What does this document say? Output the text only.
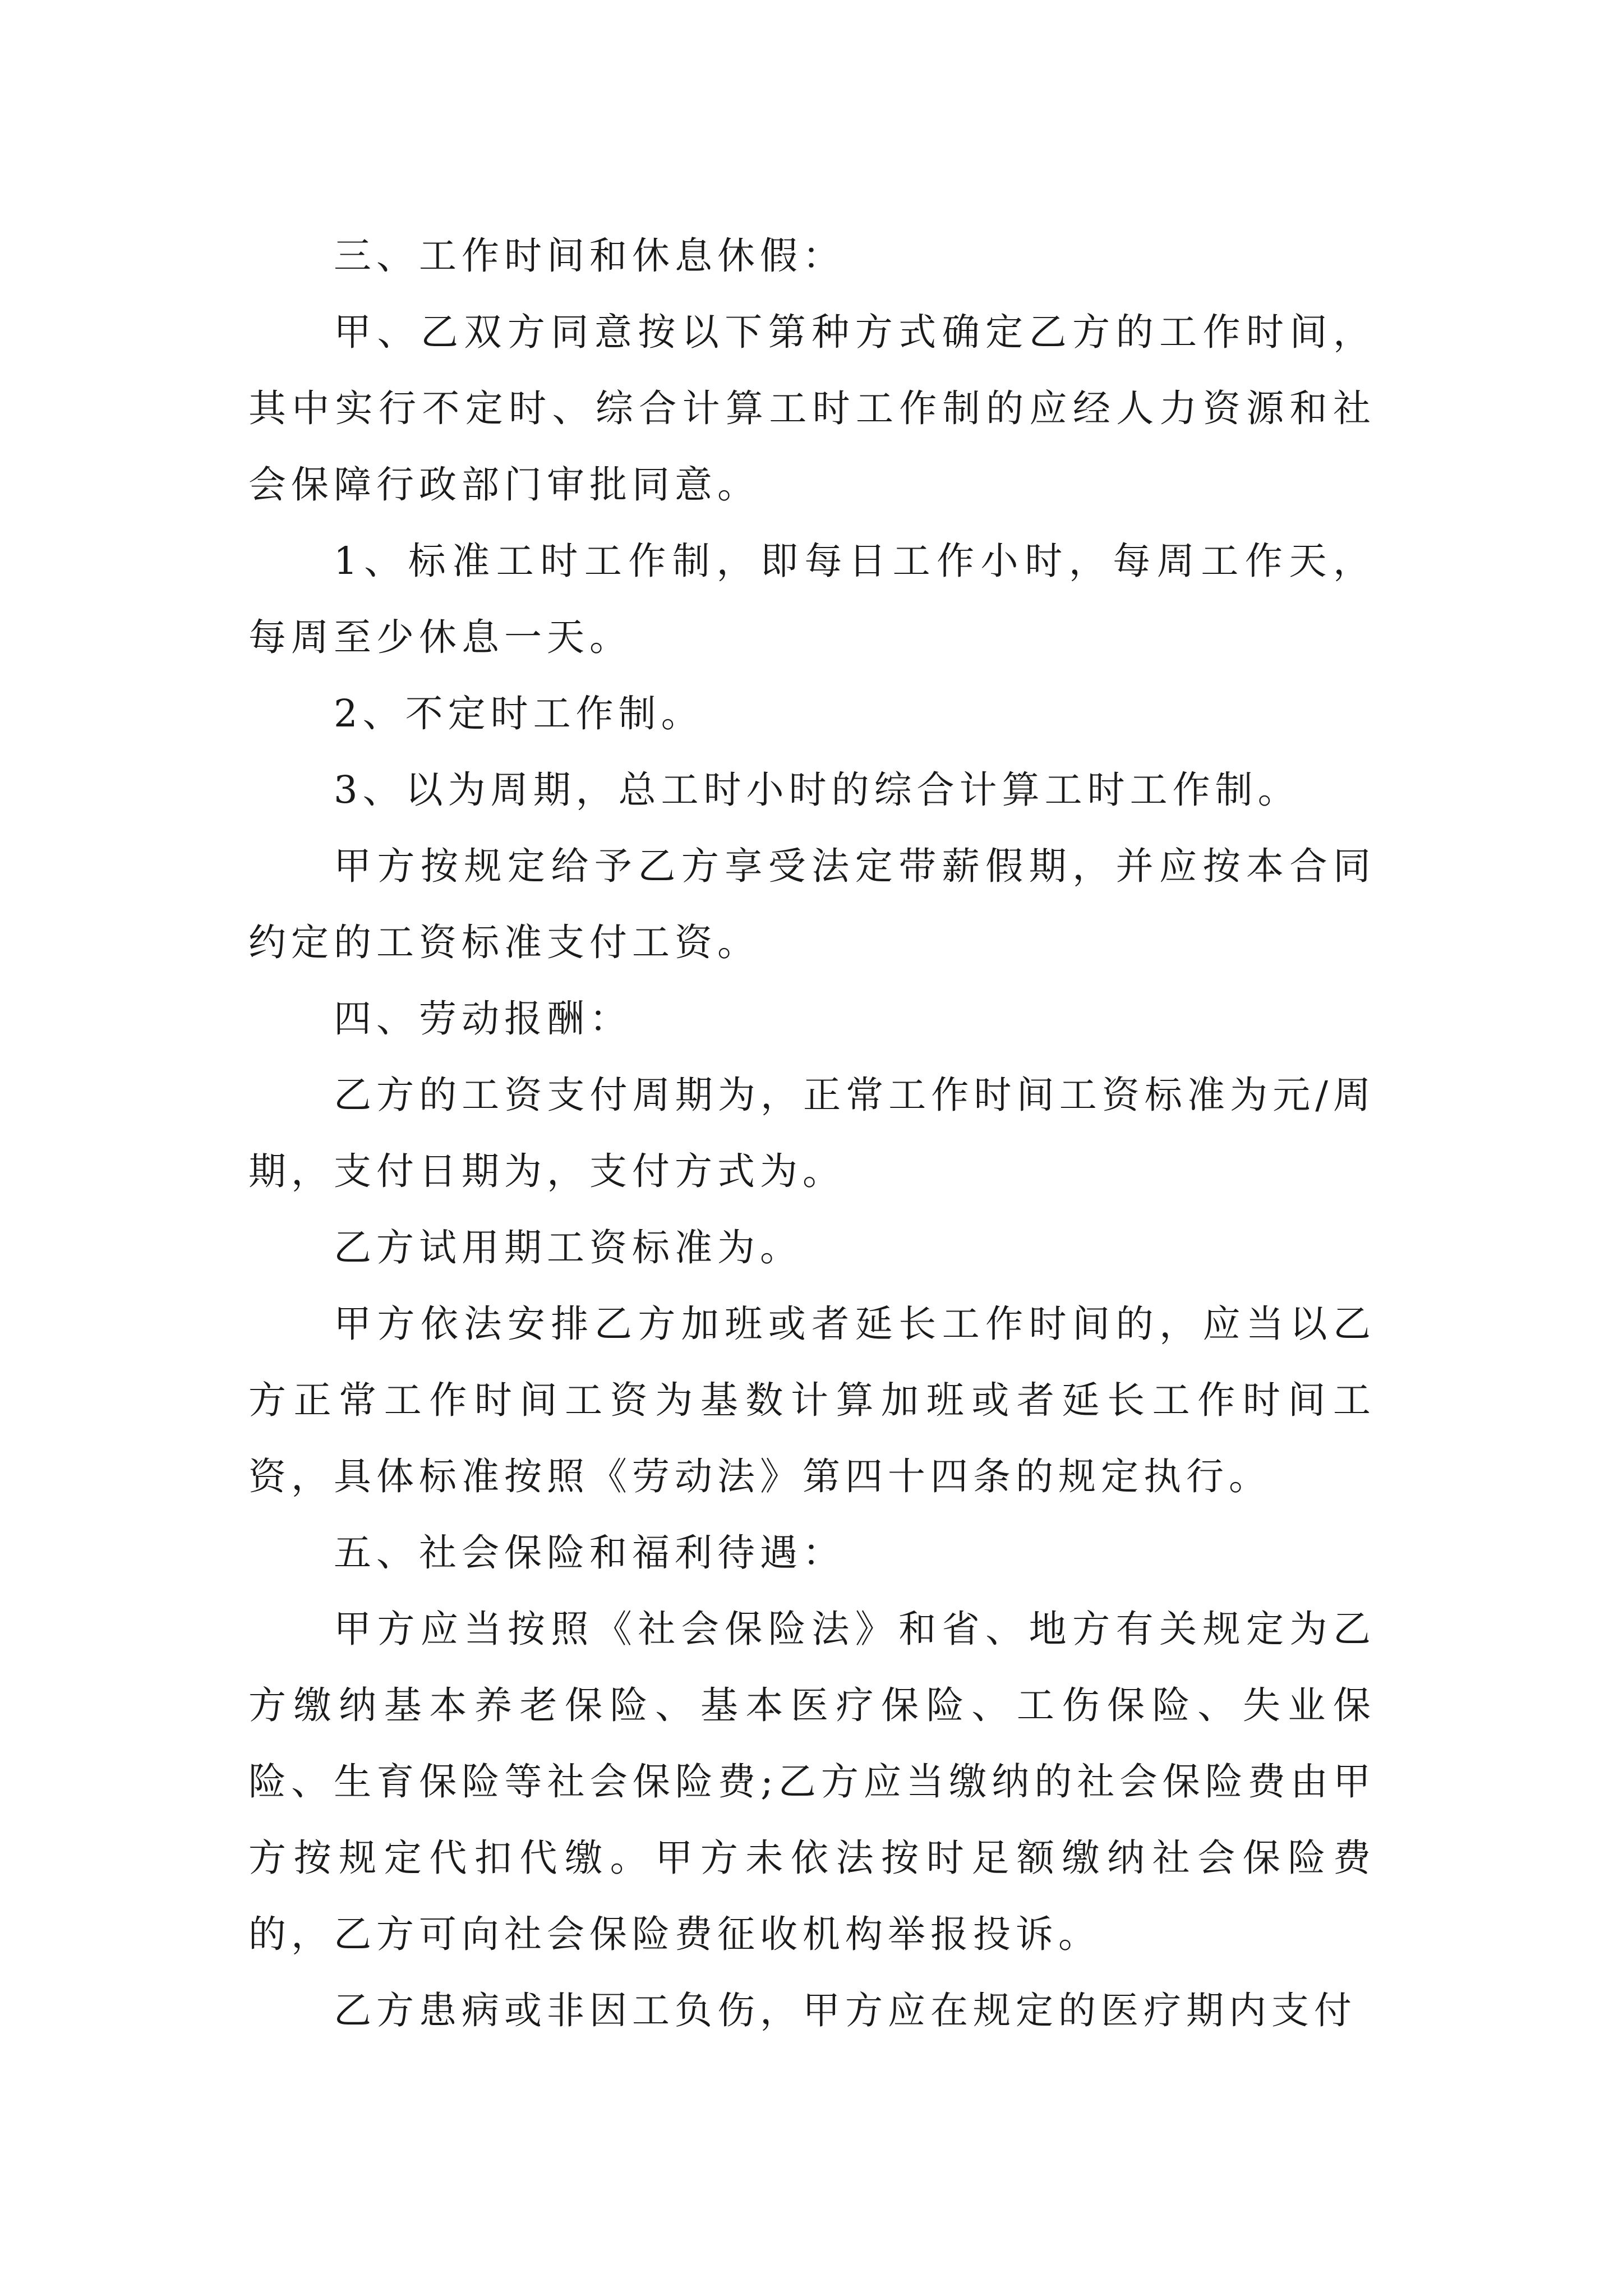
三、工作时间和休息休假：

甲、乙双方同意按以下第种方式确定乙方的工作时间，其中实行不定时、综合计算工时工作制的应经人力资源和社会保障行政部门审批同意。

1、标准工时工作制，即每日工作小时，每周工作天，每周至少休息一天。

2、不定时工作制。

3、以为周期，总工时小时的综合计算工时工作制。

甲方按规定给予乙方享受法定带薪假期，并应按本合同约定的工资标准支付工资。

四、劳动报酬：

乙方的工资支付周期为，正常工作时间工资标准为元/周期，支付日期为，支付方式为。

乙方试用期工资标准为。

甲方依法安排乙方加班或者延长工作时间的，应当以乙方正常工作时间工资为基数计算加班或者延长工作时间工资，具体标准按照《劳动法》第四十四条的规定执行。

五、社会保险和福利待遇：

甲方应当按照《社会保险法》和省、地方有关规定为乙方缴纳基本养老保险、基本医疗保险、工伤保险、失业保险、生育保险等社会保险费;乙方应当缴纳的社会保险费由甲方按规定代扣代缴。甲方未依法按时足额缴纳社会保险费的，乙方可向社会保险费征收机构举报投诉。

乙方患病或非因工负伤，甲方应在规定的医疗期内支付
